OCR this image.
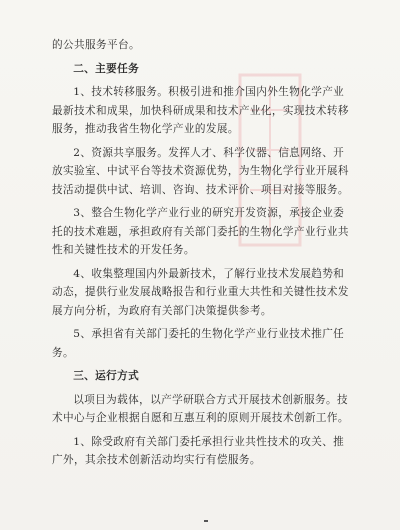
的公共服务平台。

二、主要任务

1、技术转移服务。积极引进和推介国内外生物化学产业最新技术和成果，加快科研成果和技术产业化，实现技术转移服务，推动我省生物化学产业的发展。

2、资源共享服务。发挥人才、科学仪器、信息网络、开放实验室、中试平台等技术资源优势，为生物化学行业开展科技活动提供中试、培训、咨询、技术评价、项目对接等服务。

3、整合生物化学产业行业的研究开发资源，承接企业委托的技术难题，承担政府有关部门委托的生物化学产业行业共性和关键性技术的开发任务。

4、收集整理国内外最新技术，了解行业技术发展趋势和动态，提供行业发展战略报告和行业重大共性和关键性技术发展方向分析，为政府有关部门决策提供参考。

5、承担省有关部门委托的生物化学产业行业技术推广任务。

三、运行方式

以项目为载体，以产学研联合方式开展技术创新服务。技术中心与企业根据自愿和互惠互利的原则开展技术创新工作。

1、除受政府有关部门委托承担行业共性技术的攻关、推广外，其余技术创新活动均实行有偿服务。
